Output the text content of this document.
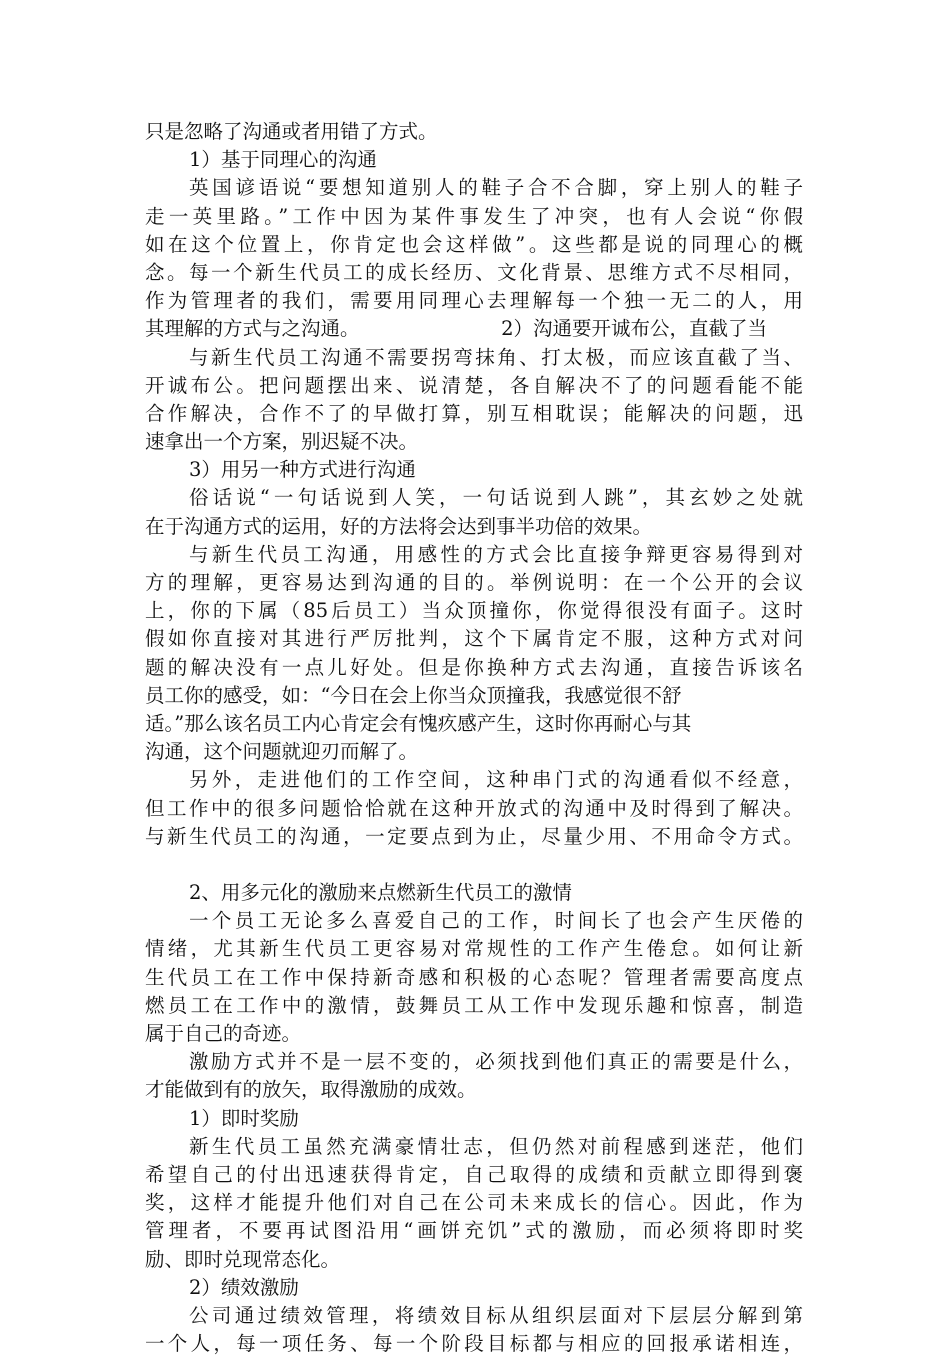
只是忽略了沟通或者用错了方式。
1）基于同理心的沟通
英国谚语说“要想知道别人的鞋子合不合脚，穿上别人的鞋子
走一英里路。”工作中因为某件事发生了冲突，也有人会说“你假
如在这个位置上，你肯定也会这样做”。这些都是说的同理心的概
念。每一个新生代员工的成长经历、文化背景、思维方式不尽相同，
作为管理者的我们，需要用同理心去理解每一个独一无二的人，用
其理解的方式与之沟通。	2）沟通要开诚布公，直截了当
与新生代员工沟通不需要拐弯抹角、打太极，而应该直截了当、
开诚布公。把问题摆出来、说清楚，各自解决不了的问题看能不能
合作解决，合作不了的早做打算，别互相耽误；能解决的问题，迅
速拿出一个方案，别迟疑不决。
3）用另一种方式进行沟通
俗话说“一句话说到人笑，一句话说到人跳”，其玄妙之处就
在于沟通方式的运用，好的方法将会达到事半功倍的效果。
与新生代员工沟通，用感性的方式会比直接争辩更容易得到对
方的理解，更容易达到沟通的目的。举例说明：在一个公开的会议
上，你的下属（85后员工）当众顶撞你，你觉得很没有面子。这时
假如你直接对其进行严厉批判，这个下属肯定不服，这种方式对问
题的解决没有一点儿好处。但是你换种方式去沟通，直接告诉该名
员工你的感受，如：“今日在会上你当众顶撞我，我感觉很不舒
适。”那么该名员工内心肯定会有愧疚感产生，这时你再耐心与其
沟通，这个问题就迎刃而解了。
另外，走进他们的工作空间，这种串门式的沟通看似不经意，
但工作中的很多问题恰恰就在这种开放式的沟通中及时得到了解决。
与新生代员工的沟通，一定要点到为止，尽量少用、不用命令方式。
2、用多元化的激励来点燃新生代员工的激情
一个员工无论多么喜爱自己的工作，时间长了也会产生厌倦的
情绪，尤其新生代员工更容易对常规性的工作产生倦怠。如何让新
生代员工在工作中保持新奇感和积极的心态呢？管理者需要高度点
燃员工在工作中的激情，鼓舞员工从工作中发现乐趣和惊喜，制造
属于自己的奇迹。
激励方式并不是一层不变的，必须找到他们真正的需要是什么，
才能做到有的放矢，取得激励的成效。
1）即时奖励
新生代员工虽然充满豪情壮志，但仍然对前程感到迷茫，他们
希望自己的付出迅速获得肯定，自己取得的成绩和贡献立即得到褒
奖，这样才能提升他们对自己在公司未来成长的信心。因此，作为
管理者，不要再试图沿用“画饼充饥”式的激励，而必须将即时奖
励、即时兑现常态化。
2）绩效激励
公司通过绩效管理，将绩效目标从组织层面对下层层分解到第
一个人，每一项任务、每一个阶段目标都与相应的回报承诺相连，
